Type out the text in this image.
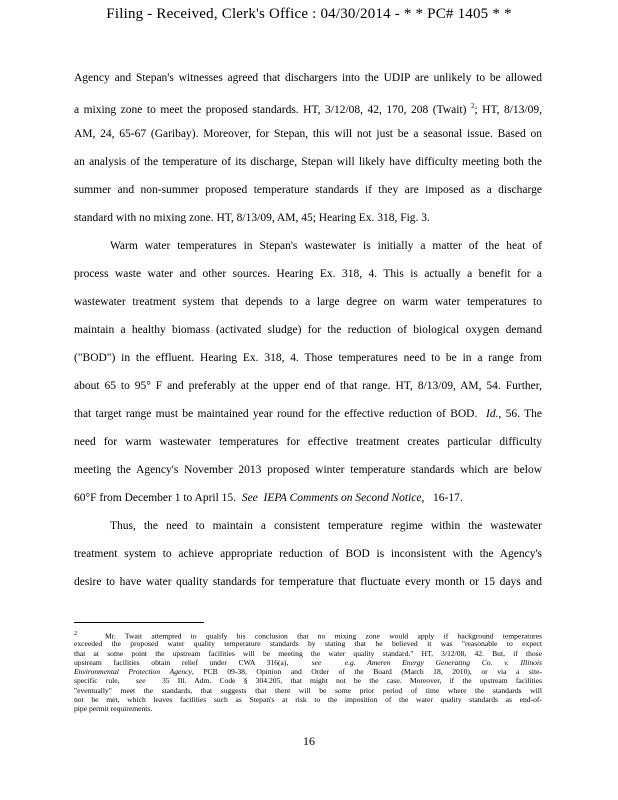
Filing - Received, Clerk's Office : 04/30/2014 - * * PC# 1405 * *
Agency and Stepan's witnesses agreed that dischargers into the UDIP are unlikely to be allowed
a mixing zone to meet the proposed standards. HT, 3/12/08, 42, 170, 208 (Twait) $^2$; HT, 8/13/09,
AM, 24, 65-67 (Garibay). Moreover, for Stepan, this will not just be a seasonal issue. Based on
an analysis of the temperature of its discharge, Stepan will likely have difficulty meeting both the
summer and non-summer proposed temperature standards if they are imposed as a discharge
standard with no mixing zone. HT, 8/13/09, AM, 45; Hearing Ex. 318, Fig. 3.
Warm water temperatures in Stepan's wastewater is initially a matter of the heat of
process waste water and other sources. Hearing Ex. 318, 4. This is actually a benefit for a
wastewater treatment system that depends to a large degree on warm water temperatures to
maintain a healthy biomass (activated sludge) for the reduction of biological oxygen demand
("BOD") in the effluent. Hearing Ex. 318, 4. Those temperatures need to be in a range from
about 65 to 95° F and preferably at the upper end of that range. HT, 8/13/09, AM, 54. Further,
that target range must be maintained year round for the effective reduction of BOD. Id., 56. The
need for warm wastewater temperatures for effective treatment creates particular difficulty
meeting the Agency's November 2013 proposed winter temperature standards which are below
60°F from December 1 to April 15. See IEPA Comments on Second Notice, 16-17.
Thus, the need to maintain a consistent temperature regime within the wastewater
treatment system to achieve appropriate reduction of BOD is inconsistent with the Agency's
desire to have water quality standards for temperature that fluctuate every month or 15 days and
$^2$	Mr. Twait attempted to qualify his conclusion that no mixing zone would apply if background temperatures
exceeded the proposed water quality temperature standards by stating that he believed it was "reasonable to expect
that at some point the upstream facilities will be meeting the water quality standard." HT, 3/12/08, 42. But, if those
upstream facilities obtain relief under CWA 316(a),	see	e.g. Ameren Energy Generating Co. v. Illinois
Environmental Protection Agency, PCB 09-38, Opinion and Order of the Board (March 18, 2010), or via a site-
specific rule, see 35 Ill. Adm. Code § 304.205, that might not be the case. Moreover, if the upstream facilities
"eventually" meet the standards, that suggests that there will be some prior period of time where the standards will
not be met, which leaves facilities such as Stepan's at risk to the imposition of the water quality standards as end-of-
pipe permit requirements.
16
